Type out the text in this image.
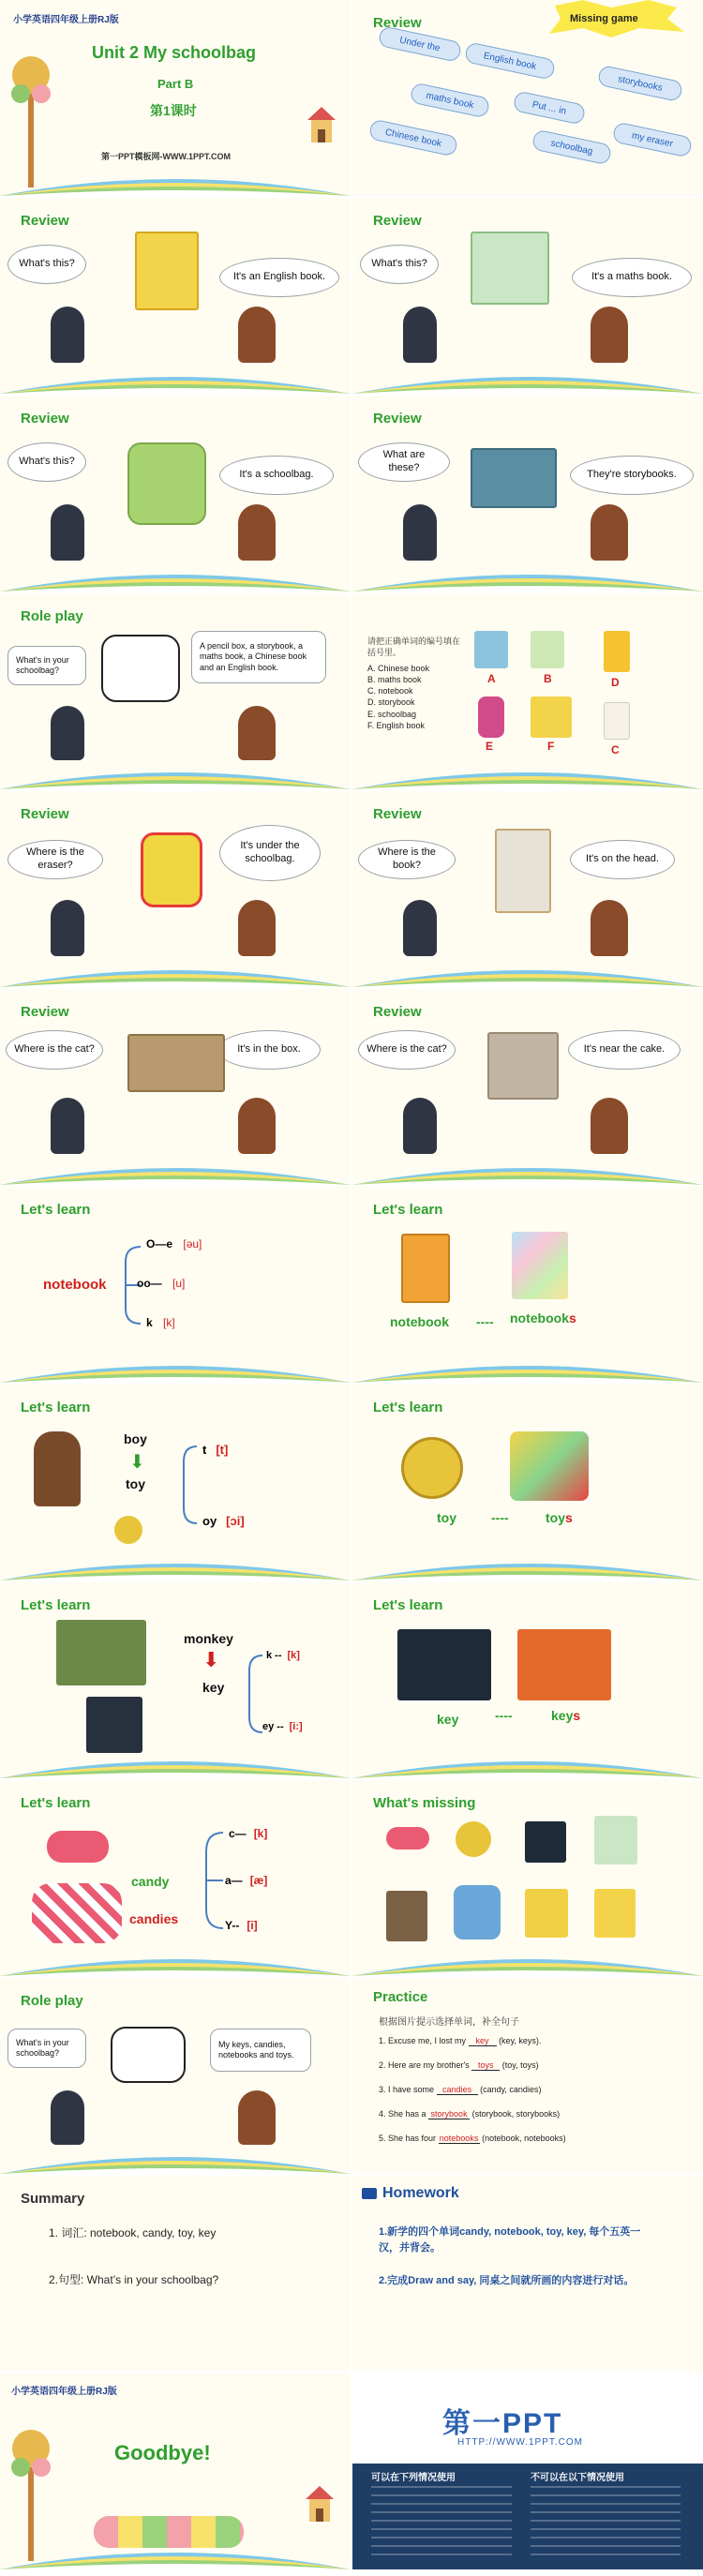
小学英语四年级上册RJ版
Unit 2 My schoolbag
Part B
第1课时
第一PPT模板网-WWW.1PPT.COM
Review	Missing game
Under the
English book
storybooks
maths book	Put ... in
Chinese book	schoolbag	my eraser
Review
What's this?
It's an English book.
Review
What's this?
It's a maths book.
Review
What's this?
It's a schoolbag.
Review
What are these?
They're storybooks.
Role play
What's in your schoolbag?
A pencil box, a storybook, a maths book, a Chinese book and an English book.
请把正确单词的编号填在括号里。
A. Chinese book
B. maths book
C. notebook
D. storybook
E. schoolbag
F. English book
A	B	D
E	F	C
Review
Where is the eraser?
It's under the schoolbag.
Review
Where is the book?
It's on the head.
Review
Where is the cat?	It's in the box.
Review
Where is the cat?	It's near the cake.
Let's learn
notebook
O—e [əu]
oo— [u]
k [k]
Let's learn
notebook ---- notebooks
Let's learn
boy
⬇
toy
t [t]
oy [ɔi]
Let's learn
toy	----	toys
Let's learn
monkey
⬇
key
k -- [k]
ey -- [i:]
Let's learn
key	----	keys
Let's learn
candy
candies
c— [k]
a— [æ]
Y-- [i]
What's missing
Role play
What's in your schoolbag?
My keys, candies, notebooks and toys.
Practice
根据图片提示选择单词，补全句子
1. Excuse me, I lost my key (key, keys).
2. Here are my brother's toys (toy, toys)
3. I have some candies (candy, candies)
4. She has a storybook (storybook, storybooks)
5. She has four notebooks (notebook, notebooks)
Summary
1. 词汇: notebook, candy, toy, key
2.句型: What’s in your schoolbag?
Homework
1.新学的四个单词candy, notebook, toy, key, 每个五英一汉，并背会。
2.完成Draw and say, 同桌之间就所画的内容进行对话。
小学英语四年级上册RJ版
Goodbye!
第一PPT
HTTP://WWW.1PPT.COM
可以在下列情况使用	不可以在以下情况使用
